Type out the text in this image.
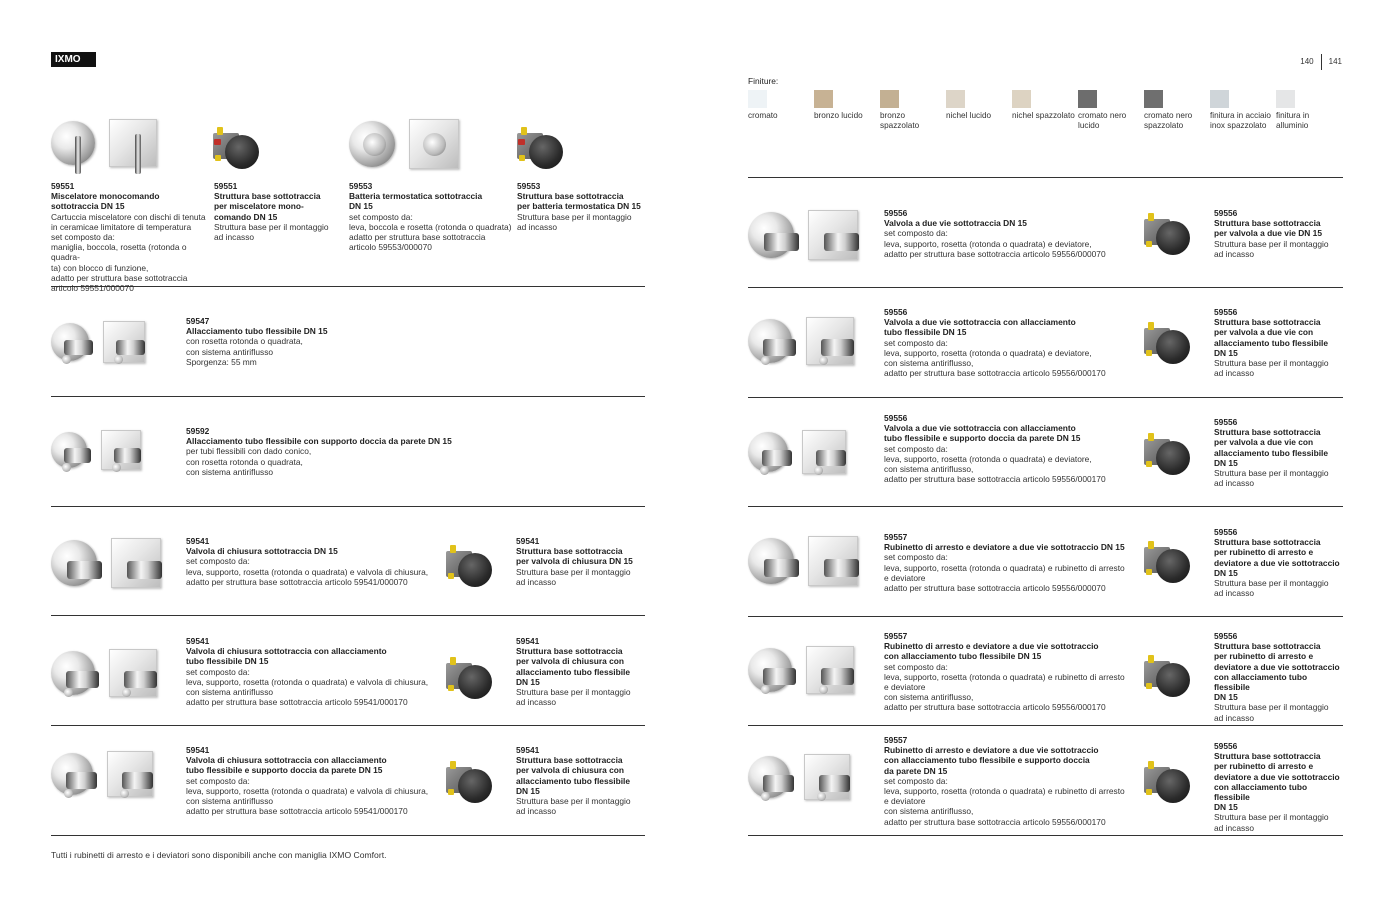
IXMO	140 141
Finiture:
cromato	bronzo lucido	bronzo spazzolato
nichel lucido	nichel spazzolato cromato nero lucido
cromato nero spazzolato
finitura in acciaio inox spazzolato
finitura in alluminio
59551
Miscelatore monocomando
sottotraccia DN 15
Cartuccia miscelatore con dischi di tenuta
in ceramicae limitatore di temperatura
set composto da:
maniglia, boccola, rosetta (rotonda o quadra-
ta) con blocco di funzione,
adatto per struttura base sottotraccia
articolo 59551/000070
59551
Struttura base sottotraccia
per miscelatore mono-
comando DN 15
Struttura base per il montaggio
ad incasso
59553
Batteria termostatica sottotraccia
DN 15
set composto da:
leva, boccola e rosetta (rotonda o quadrata)
adatto per struttura base sottotraccia
articolo 59553/000070
59553
Struttura base sottotraccia
per batteria termostatica DN 15
Struttura base per il montaggio
ad incasso
59547
Allacciamento tubo flessibile DN 15
con rosetta rotonda o quadrata,
con sistema antiriflusso
Sporgenza: 55 mm
59592
Allacciamento tubo flessibile con supporto doccia da parete DN 15
per tubi flessibili con dado conico,
con rosetta rotonda o quadrata,
con sistema antiriflusso
59541
Valvola di chiusura sottotraccia DN 15
set composto da:
leva, supporto, rosetta (rotonda o quadrata) e valvola di chiusura,
adatto per struttura base sottotraccia articolo 59541/000070
59541
Struttura base sottotraccia
per valvola di chiusura DN 15
Struttura base per il montaggio
ad incasso
59541
Valvola di chiusura sottotraccia con allacciamento
tubo flessibile DN 15
set composto da:
leva, supporto, rosetta (rotonda o quadrata) e valvola di chiusura,
con sistema antiriflusso
adatto per struttura base sottotraccia articolo 59541/000170
59541
Struttura base sottotraccia
per valvola di chiusura con
allacciamento tubo flessibile
DN 15
Struttura base per il montaggio
ad incasso
59541
Valvola di chiusura sottotraccia con allacciamento
tubo flessibile e supporto doccia da parete DN 15
set composto da:
leva, supporto, rosetta (rotonda o quadrata) e valvola di chiusura,
con sistema antiriflusso
adatto per struttura base sottotraccia articolo 59541/000170
59541
Struttura base sottotraccia
per valvola di chiusura con
allacciamento tubo flessibile
DN 15
Struttura base per il montaggio
ad incasso
Tutti i rubinetti di arresto e i deviatori sono disponibili anche con maniglia IXMO Comfort.
59556
Valvola a due vie sottotraccia DN 15
set composto da:
leva, supporto, rosetta (rotonda o quadrata) e deviatore,
adatto per struttura base sottotraccia articolo 59556/000070
59556
Struttura base sottotraccia
per valvola a due vie DN 15
Struttura base per il montaggio
ad incasso
59556
Valvola a due vie sottotraccia con allacciamento
tubo flessibile DN 15
set composto da:
leva, supporto, rosetta (rotonda o quadrata) e deviatore,
con sistema antiriflusso,
adatto per struttura base sottotraccia articolo 59556/000170
59556
Struttura base sottotraccia
per valvola a due vie con
allacciamento tubo flessibile
DN 15
Struttura base per il montaggio
ad incasso
59556
Valvola a due vie sottotraccia con allacciamento
tubo flessibile e supporto doccia da parete DN 15
set composto da:
leva, supporto, rosetta (rotonda o quadrata) e deviatore,
con sistema antiriflusso,
adatto per struttura base sottotraccia articolo 59556/000170
59556
Struttura base sottotraccia
per valvola a due vie con
allacciamento tubo flessibile
DN 15
Struttura base per il montaggio
ad incasso
59557
Rubinetto di arresto e deviatore a due vie sottotraccio DN 15
set composto da:
leva, supporto, rosetta (rotonda o quadrata) e rubinetto di arresto
e deviatore
adatto per struttura base sottotraccia articolo 59556/000070
59556
Struttura base sottotraccia
per rubinetto di arresto e
deviatore a due vie sottotraccio
DN 15
Struttura base per il montaggio
ad incasso
59557
Rubinetto di arresto e deviatore a due vie sottotraccio
con allacciamento tubo flessibile DN 15
set composto da:
leva, supporto, rosetta (rotonda o quadrata) e rubinetto di arresto
e deviatore
con sistema antiriflusso,
adatto per struttura base sottotraccia articolo 59556/000170
59556
Struttura base sottotraccia
per rubinetto di arresto e
deviatore a due vie sottotraccio
con allacciamento tubo flessibile
DN 15
Struttura base per il montaggio
ad incasso
59557
Rubinetto di arresto e deviatore a due vie sottotraccio
con allacciamento tubo flessibile e supporto doccia
da parete DN 15
set composto da:
leva, supporto, rosetta (rotonda o quadrata) e rubinetto di arresto
e deviatore
con sistema antiriflusso,
adatto per struttura base sottotraccia articolo 59556/000170
59556
Struttura base sottotraccia
per rubinetto di arresto e
deviatore a due vie sottotraccio
con allacciamento tubo flessibile
DN 15
Struttura base per il montaggio
ad incasso
